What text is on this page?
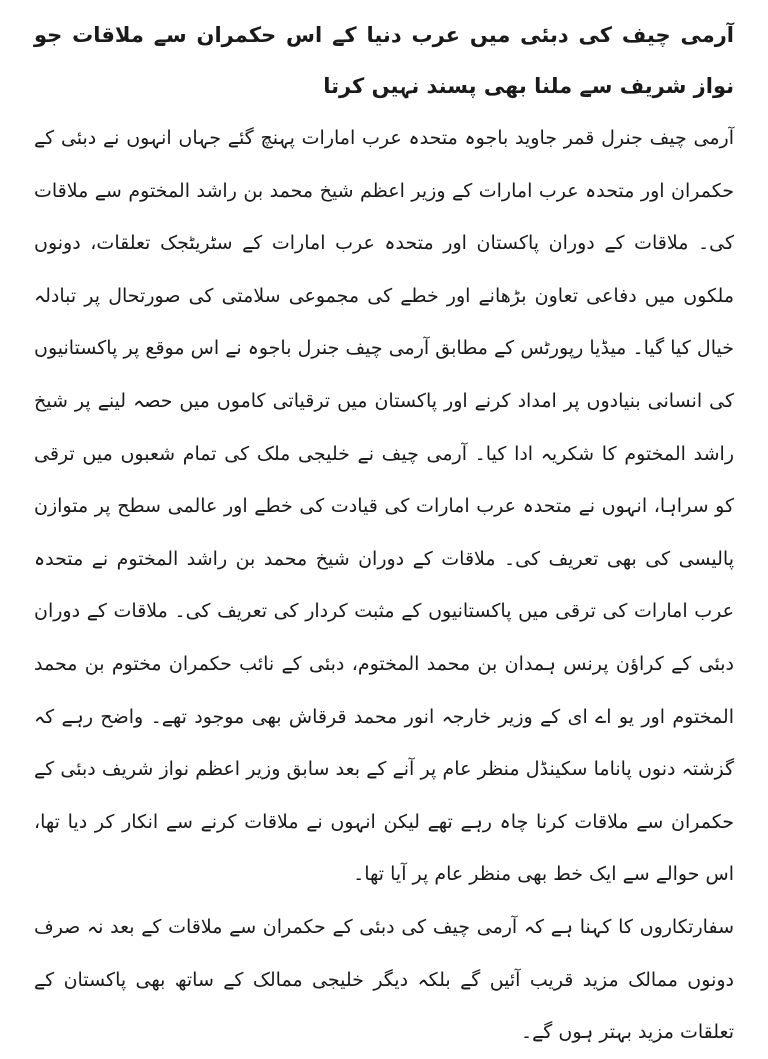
آرمی چیف کی دبئی میں عرب دنیا کے اس حکمران سے ملاقات جو نواز شریف سے ملنا بھی پسند نہیں کرتا

آرمی چیف جنرل قمر جاوید باجوہ متحدہ عرب امارات پہنچ گئے جہاں انہوں نے دبئی کے حکمران اور متحدہ عرب امارات کے وزیر اعظم شیخ محمد بن راشد المختوم سے ملاقات کی۔ ملاقات کے دوران پاکستان اور متحدہ عرب امارات کے سٹریٹجک تعلقات، دونوں ملکوں میں دفاعی تعاون بڑھانے اور خطے کی مجموعی سلامتی کی صورتحال پر تبادلہ خیال کیا گیا۔ میڈیا رپورٹس کے مطابق آرمی چیف جنرل باجوہ نے اس موقع پر پاکستانیوں کی انسانی بنیادوں پر امداد کرنے اور پاکستان میں ترقیاتی کاموں میں حصہ لینے پر شیخ راشد المختوم کا شکریہ ادا کیا۔ آرمی چیف نے خلیجی ملک کی تمام شعبوں میں ترقی کو سراہا، انہوں نے متحدہ عرب امارات کی قیادت کی خطے اور عالمی سطح پر متوازن پالیسی کی بھی تعریف کی۔ ملاقات کے دوران شیخ محمد بن راشد المختوم نے متحدہ عرب امارات کی ترقی میں پاکستانیوں کے مثبت کردار کی تعریف کی۔ ملاقات کے دوران دبئی کے کراؤن پرنس ہمدان بن محمد المختوم، دبئی کے نائب حکمران مختوم بن محمد المختوم اور یو اے ای کے وزیر خارجہ انور محمد قرقاش بھی موجود تھے۔ واضح رہے کہ گزشتہ دنوں پاناما سکینڈل منظر عام پر آنے کے بعد سابق وزیر اعظم نواز شریف دبئی کے حکمران سے ملاقات کرنا چاہ رہے تھے لیکن انہوں نے ملاقات کرنے سے انکار کر دیا تھا، اس حوالے سے ایک خط بھی منظر عام پر آیا تھا۔

سفارتکاروں کا کہنا ہے کہ آرمی چیف کی دبئی کے حکمران سے ملاقات کے بعد نہ صرف دونوں ممالک مزید قریب آئیں گے بلکہ دیگر خلیجی ممالک کے ساتھ بھی پاکستان کے تعلقات مزید بہتر ہوں گے۔
